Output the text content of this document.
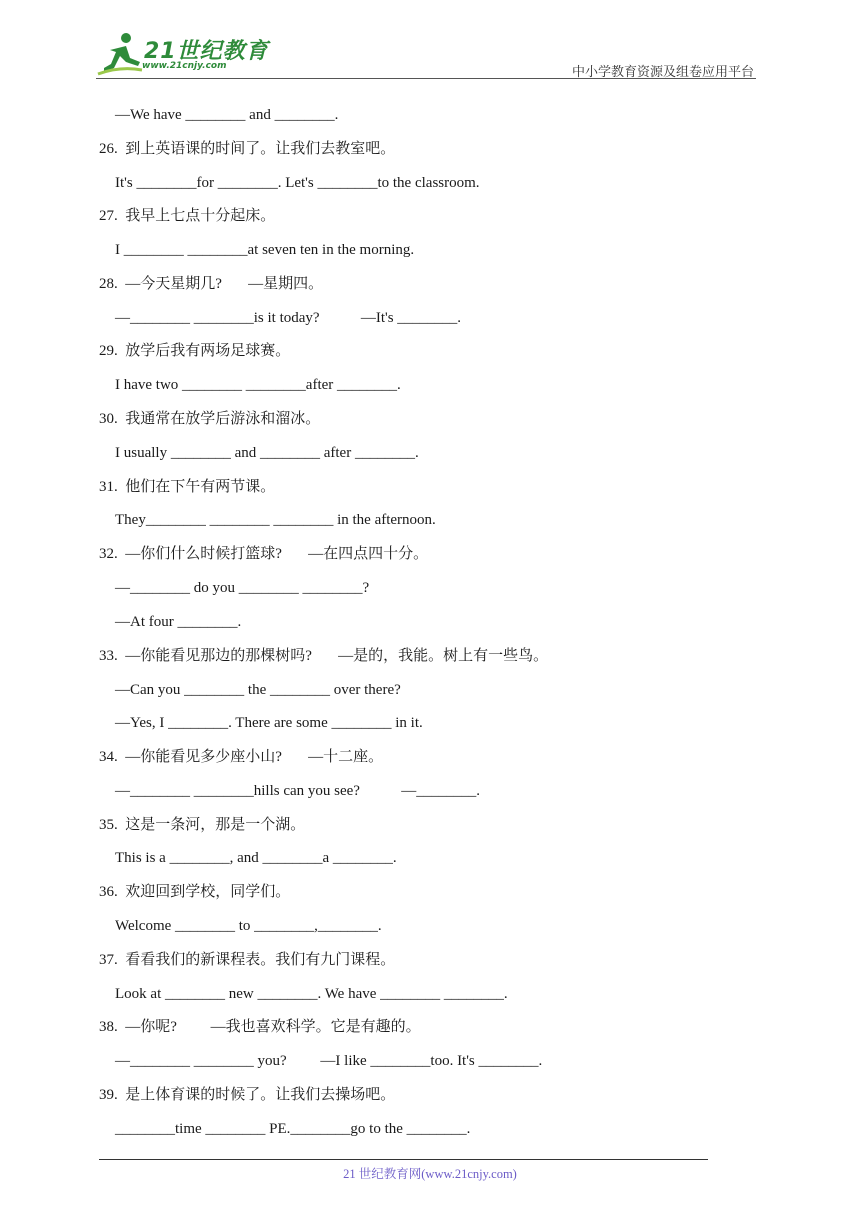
21世纪教育
www.21cnjy.com	中小学教育资源及组卷应用平台
—We have ________ and ________.
26.  到上英语课的时间了。让我们去教室吧。
It's ________for ________. Let's ________to the classroom.
27.  我早上七点十分起床。
I ________ ________at seven ten in the morning.
28.  —今天星期几?       —星期四。
—________ ________is it today?           —It's ________.
29.  放学后我有两场足球赛。
I have two ________ ________after ________.
30.  我通常在放学后游泳和溜冰。
I usually ________ and ________ after ________.
31.  他们在下午有两节课。
They________ ________ ________ in the afternoon.
32.  —你们什么时候打篮球?       —在四点四十分。
—________ do you ________ ________?
—At four ________.
33.  —你能看见那边的那棵树吗?       —是的，我能。树上有一些鸟。
—Can you ________ the ________ over there?
—Yes, I ________. There are some ________ in it.
34.  —你能看见多少座小山?       —十二座。
—________ ________hills can you see?           —________.
35.  这是一条河，那是一个湖。
This is a ________, and ________a ________.
36.  欢迎回到学校，同学们。
Welcome ________ to ________,________.
37.  看看我们的新课程表。我们有九门课程。
Look at ________ new ________. We have ________ ________.
38.  —你呢?         —我也喜欢科学。它是有趣的。
—________ ________ you?         —I like ________too. It's ________.
39.  是上体育课的时候了。让我们去操场吧。
________time ________ PE.________go to the ________.
21 世纪教育网(www.21cnjy.com)
